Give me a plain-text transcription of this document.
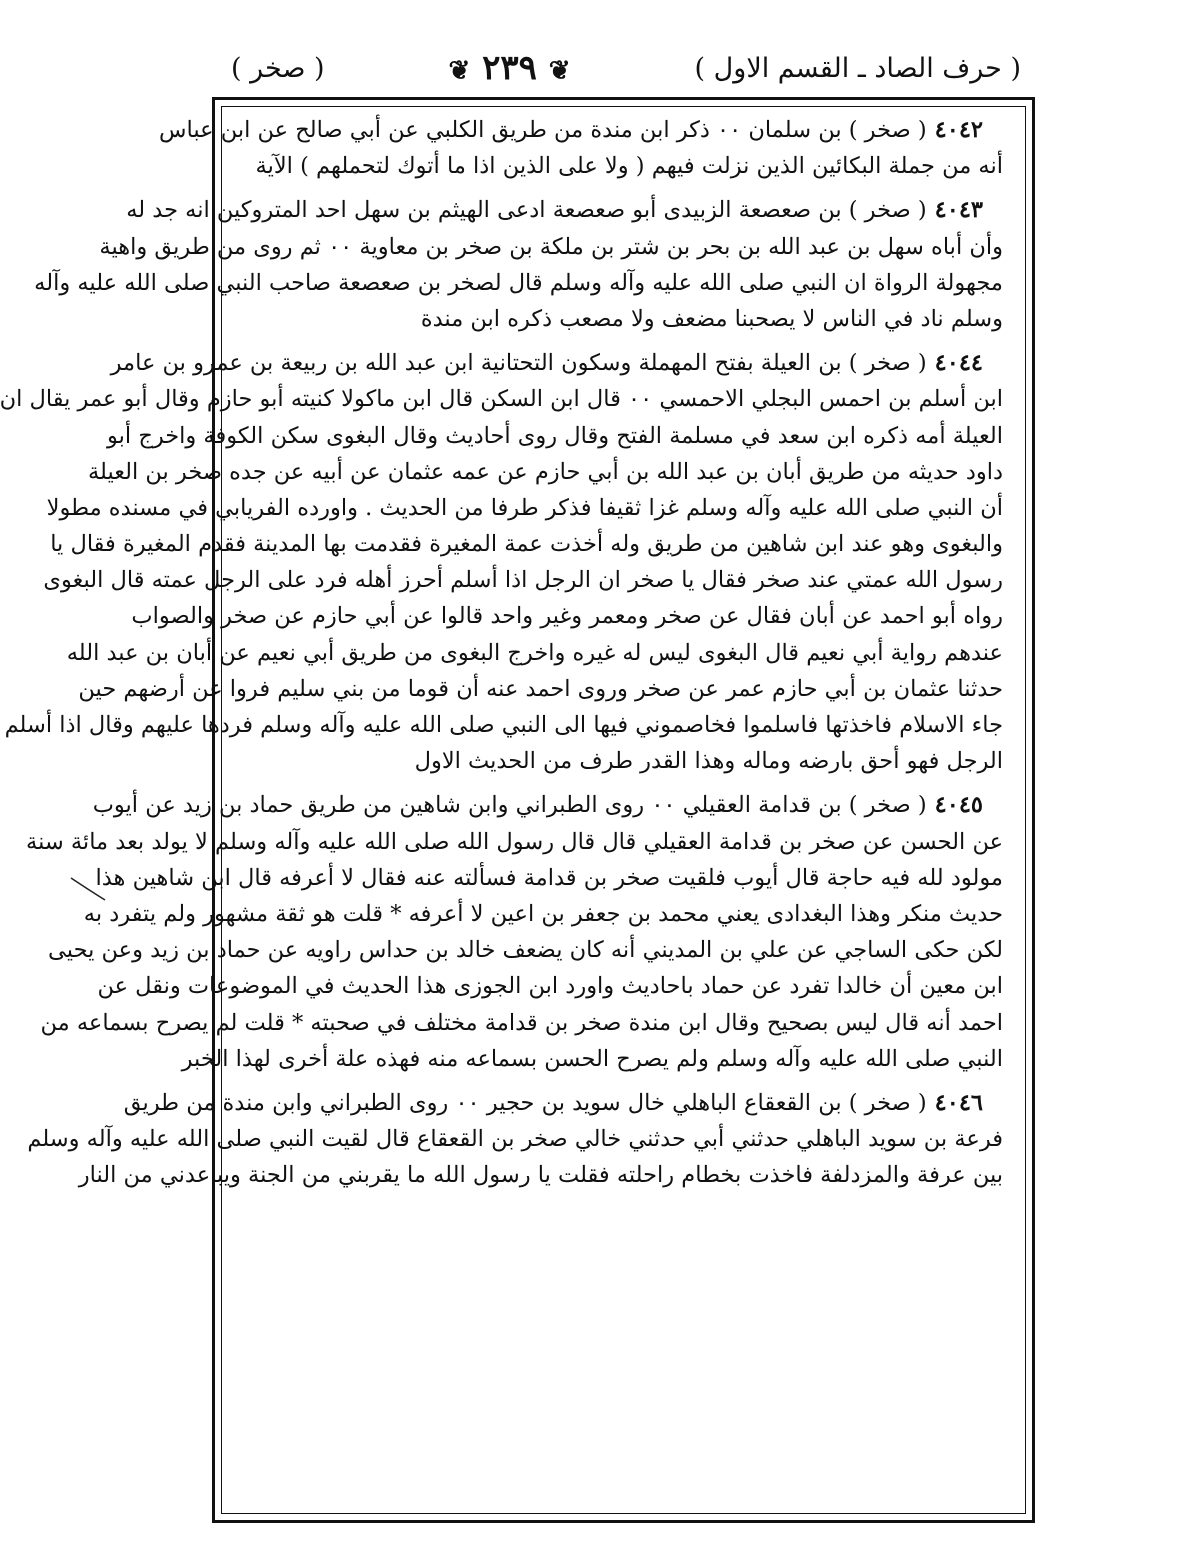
( حرف الصاد ـ القسم الاول )
❦ ٢٣٩ ❦
( صخر )
٤٠٤٢( صخر ) بن سلمان ٠٠ ذكر ابن مندة من طريق الكلبي عن أبي صالح عن ابن عباس
أنه من جملة البكائين الذين نزلت فيهم ( ولا على الذين اذا ما أتوك لتحملهم ) الآية
٤٠٤٣( صخر ) بن صعصعة الزبيدى أبو صعصعة ادعى الهيثم بن سهل احد المتروكين انه جد له
وأن أباه سهل بن عبد الله بن بحر بن شتر بن ملكة بن صخر بن معاوية ٠٠ ثم روى من طريق واهية
مجهولة الرواة ان النبي صلى الله عليه وآله وسلم قال لصخر بن صعصعة صاحب النبي صلى الله عليه وآله
وسلم ناد في الناس لا يصحبنا مضعف ولا مصعب ذكره ابن مندة
٤٠٤٤( صخر ) بن العيلة بفتح المهملة وسكون التحتانية ابن عبد الله بن ربيعة بن عمرو بن عامر
ابن أسلم بن احمس البجلي الاحمسي ٠٠ قال ابن السكن قال ابن ماكولا كنيته أبو حازم وقال أبو عمر يقال ان
العيلة أمه ذكره ابن سعد في مسلمة الفتح وقال روى أحاديث وقال البغوى سكن الكوفة واخرج أبو
داود حديثه من طريق أبان بن عبد الله بن أبي حازم عن عمه عثمان عن أبيه عن جده صخر بن العيلة
أن النبي صلى الله عليه وآله وسلم غزا ثقيفا فذكر طرفا من الحديث . واورده الفريابي في مسنده مطولا
والبغوى وهو عند ابن شاهين من طريق وله أخذت عمة المغيرة فقدمت بها المدينة فقدم المغيرة فقال يا
رسول الله عمتي عند صخر فقال يا صخر ان الرجل اذا أسلم أحرز أهله فرد على الرجل عمته قال البغوى
رواه أبو احمد عن أبان فقال عن صخر ومعمر وغير واحد قالوا عن أبي حازم عن صخر والصواب
عندهم رواية أبي نعيم قال البغوى ليس له غيره واخرج البغوى من طريق أبي نعيم عن أبان بن عبد الله
حدثنا عثمان بن أبي حازم عمر عن صخر وروى احمد عنه أن قوما من بني سليم فروا عن أرضهم حين
جاء الاسلام فاخذتها فاسلموا فخاصموني فيها الى النبي صلى الله عليه وآله وسلم فردها عليهم وقال اذا أسلم
الرجل فهو أحق بارضه وماله وهذا القدر طرف من الحديث الاول
٤٠٤٥( صخر ) بن قدامة العقيلي ٠٠ روى الطبراني وابن شاهين من طريق حماد بن زيد عن أيوب
عن الحسن عن صخر بن قدامة العقيلي قال قال رسول الله صلى الله عليه وآله وسلم لا يولد بعد مائة سنة
مولود لله فيه حاجة قال أيوب فلقيت صخر بن قدامة فسألته عنه فقال لا أعرفه قال ابن شاهين هذا
حديث منكر وهذا البغدادى يعني محمد بن جعفر بن اعين لا أعرفه * قلت هو ثقة مشهور ولم يتفرد به
لكن حكى الساجي عن علي بن المديني أنه كان يضعف خالد بن حداس راويه عن حماد بن زيد وعن يحيى
ابن معين أن خالدا تفرد عن حماد باحاديث واورد ابن الجوزى هذا الحديث في الموضوعات ونقل عن
احمد أنه قال ليس بصحيح وقال ابن مندة صخر بن قدامة مختلف في صحبته * قلت لم يصرح بسماعه من
النبي صلى الله عليه وآله وسلم ولم يصرح الحسن بسماعه منه فهذه علة أخرى لهذا الخبر
٤٠٤٦( صخر ) بن القعقاع الباهلي خال سويد بن حجير ٠٠ روى الطبراني وابن مندة من طريق
فرعة بن سويد الباهلي حدثني أبي حدثني خالي صخر بن القعقاع قال لقيت النبي صلى الله عليه وآله وسلم
بين عرفة والمزدلفة فاخذت بخطام راحلته فقلت يا رسول الله ما يقربني من الجنة ويباعدني من النار
